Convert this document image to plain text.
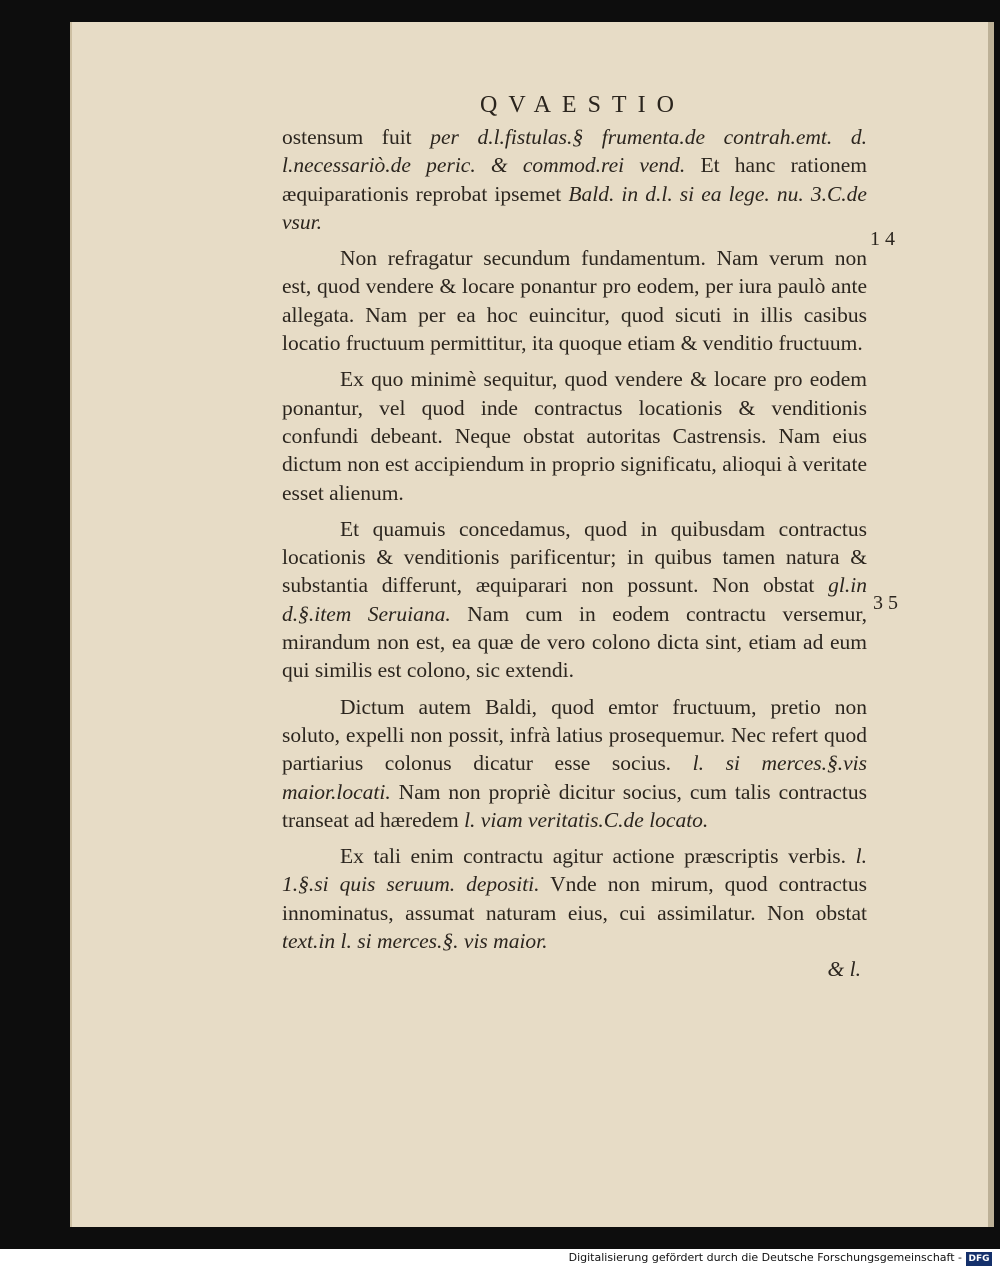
QVAESTIO
14
35

ostensum fuit per d.l.fistulas.§ frumenta.de contrah.emt. d. l.necessariò.de peric. & commod.rei vend. Et hanc rationem æquiparationis reprobat ipsemet Bald. in d.l. si ea lege. nu. 3.C.de vsur.

Non refragatur secundum fundamentum. Nam verum non est, quod vendere & locare ponantur pro eodem, per iura paulò ante allegata. Nam per ea hoc euincitur, quod sicuti in illis casibus locatio fructuum permittitur, ita quoque etiam & venditio fructuum.

Ex quo minimè sequitur, quod vendere & locare pro eodem ponantur, vel quod inde contractus locationis & venditionis confundi debeant. Neque obstat autoritas Castrensis. Nam eius dictum non est accipiendum in proprio significatu, alioqui à veritate esset alienum.

Et quamuis concedamus, quod in quibusdam contractus locationis & venditionis parificentur; in quibus tamen natura & substantia differunt, æquiparari non possunt. Non obstat gl.in d.§.item Seruiana. Nam cum in eodem contractu versemur, mirandum non est, ea quæ de vero colono dicta sint, etiam ad eum qui similis est colono, sic extendi.

Dictum autem Baldi, quod emtor fructuum, pretio non soluto, expelli non possit, infrà latius prosequemur. Nec refert quod partiarius colonus dicatur esse socius. l. si merces.§.vis maior.locati. Nam non propriè dicitur socius, cum talis contractus transeat ad hæredem l. viam veritatis.C.de locato.

Ex tali enim contractu agitur actione præscriptis verbis. l. 1.§.si quis seruum. depositi. Vnde non mirum, quod contractus innominatus, assumat naturam eius, cui assimilatur. Non obstat text.in l. si merces.§. vis maior.

& l.
Digitalisierung gefördert durch die Deutsche Forschungsgemeinschaft - DFG
